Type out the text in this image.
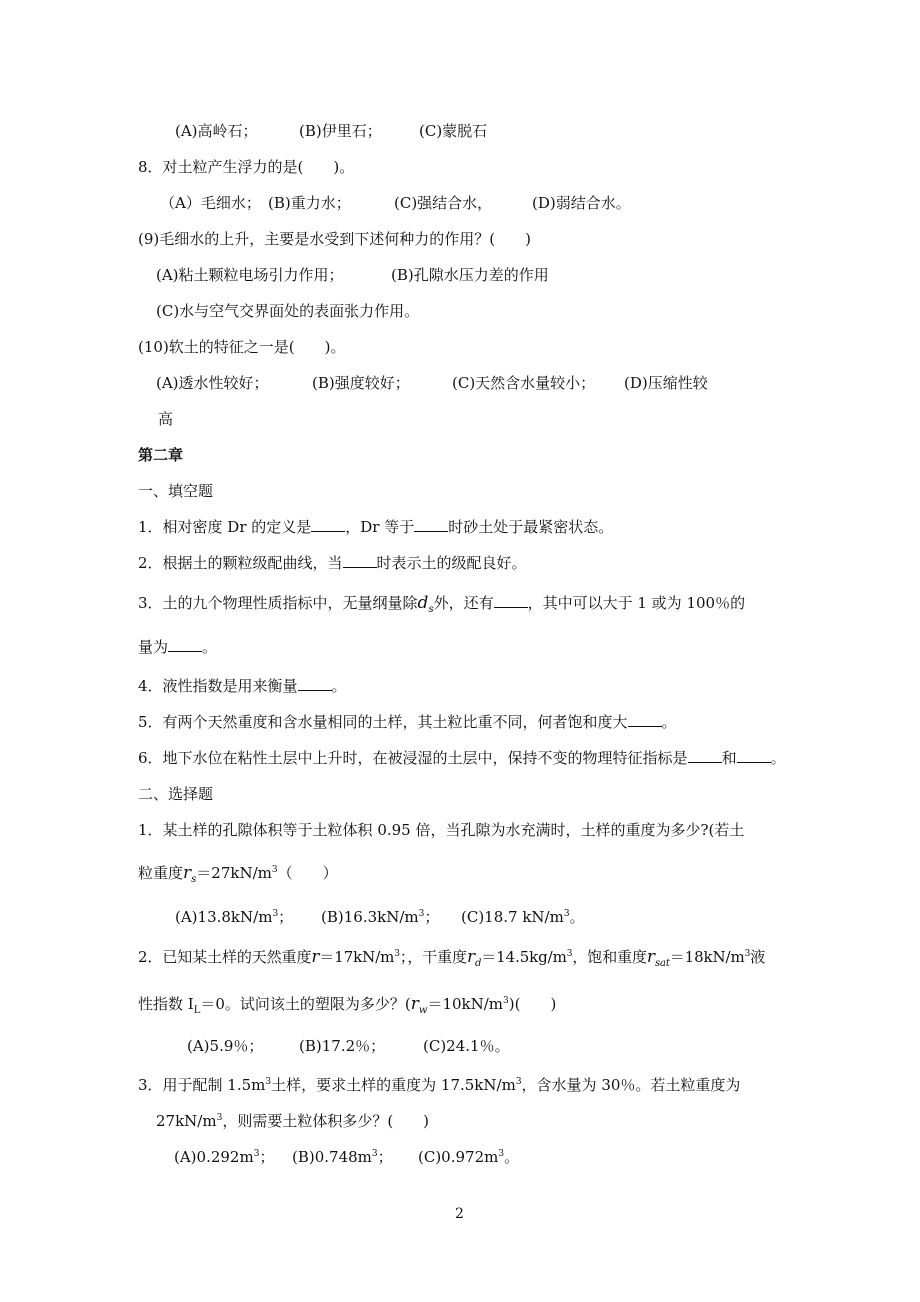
(A)高岭石；	(B)伊里石； (C)蒙脱石
8．对土粒产生浮力的是(　　)。
（A）毛细水； (B)重力水；	(C)强结合水，	(D)弱结合水。
(9)毛细水的上升，主要是水受到下述何种力的作用？(　　)
(A)粘土颗粒电场引力作用；	(B)孔隙水压力差的作用
(C)水与空气交界面处的表面张力作用。
(10)软土的特征之一是(　　)。
(A)透水性较好；	(B)强度较好；	(C)天然含水量较小； (D)压缩性较
高
第二章
一、填空题
1．相对密度 Dr 的定义是 ，Dr 等于 时砂土处于最紧密状态。
2．根据土的颗粒级配曲线，当 时表示土的级配良好。
3．土的九个物理性质指标中，无量纲量除$d_s$外，还有 ，其中可以大于 1 或为 100％的
量为 。
4．液性指数是用来衡量 。
5．有两个天然重度和含水量相同的土样，其土粒比重不同，何者饱和度大 。
6．地下水位在粘性土层中上升时，在被浸湿的土层中，保持不变的物理特征指标是 和 。
二、选择题
1．某土样的孔隙体积等于土粒体积 0.95 倍，当孔隙为水充满时，土样的重度为多少?(若土
粒重度$r_s=27kN/m^3$（　　）
$(A)13.8kN/m^3$； $(B)16.3kN/m^3$； (C)18.7 $kN/m^3$。
2．已知某土样的天然重度$r=17kN/m^3$；，干重度$r_d=14.5kg/m^3$，饱和重度$r_{sat}=18kN/m^3$液
性指数 $I_L=0$。试问该土的塑限为多少？$(r_w=10kN/m^3)$(　　)
(A)5.9％； (B)17.2％；	(C)24.1％。
3．用于配制 $1.5m^3$土样，要求土样的重度为 $17.5kN/m^3$，含水量为 30％。若土粒重度为
$27kN/m^3$，则需要土粒体积多少？(　　)
$(A)0.292m^3$； $(B)0.748m^3$； $(C)0.972m^3$。
2
